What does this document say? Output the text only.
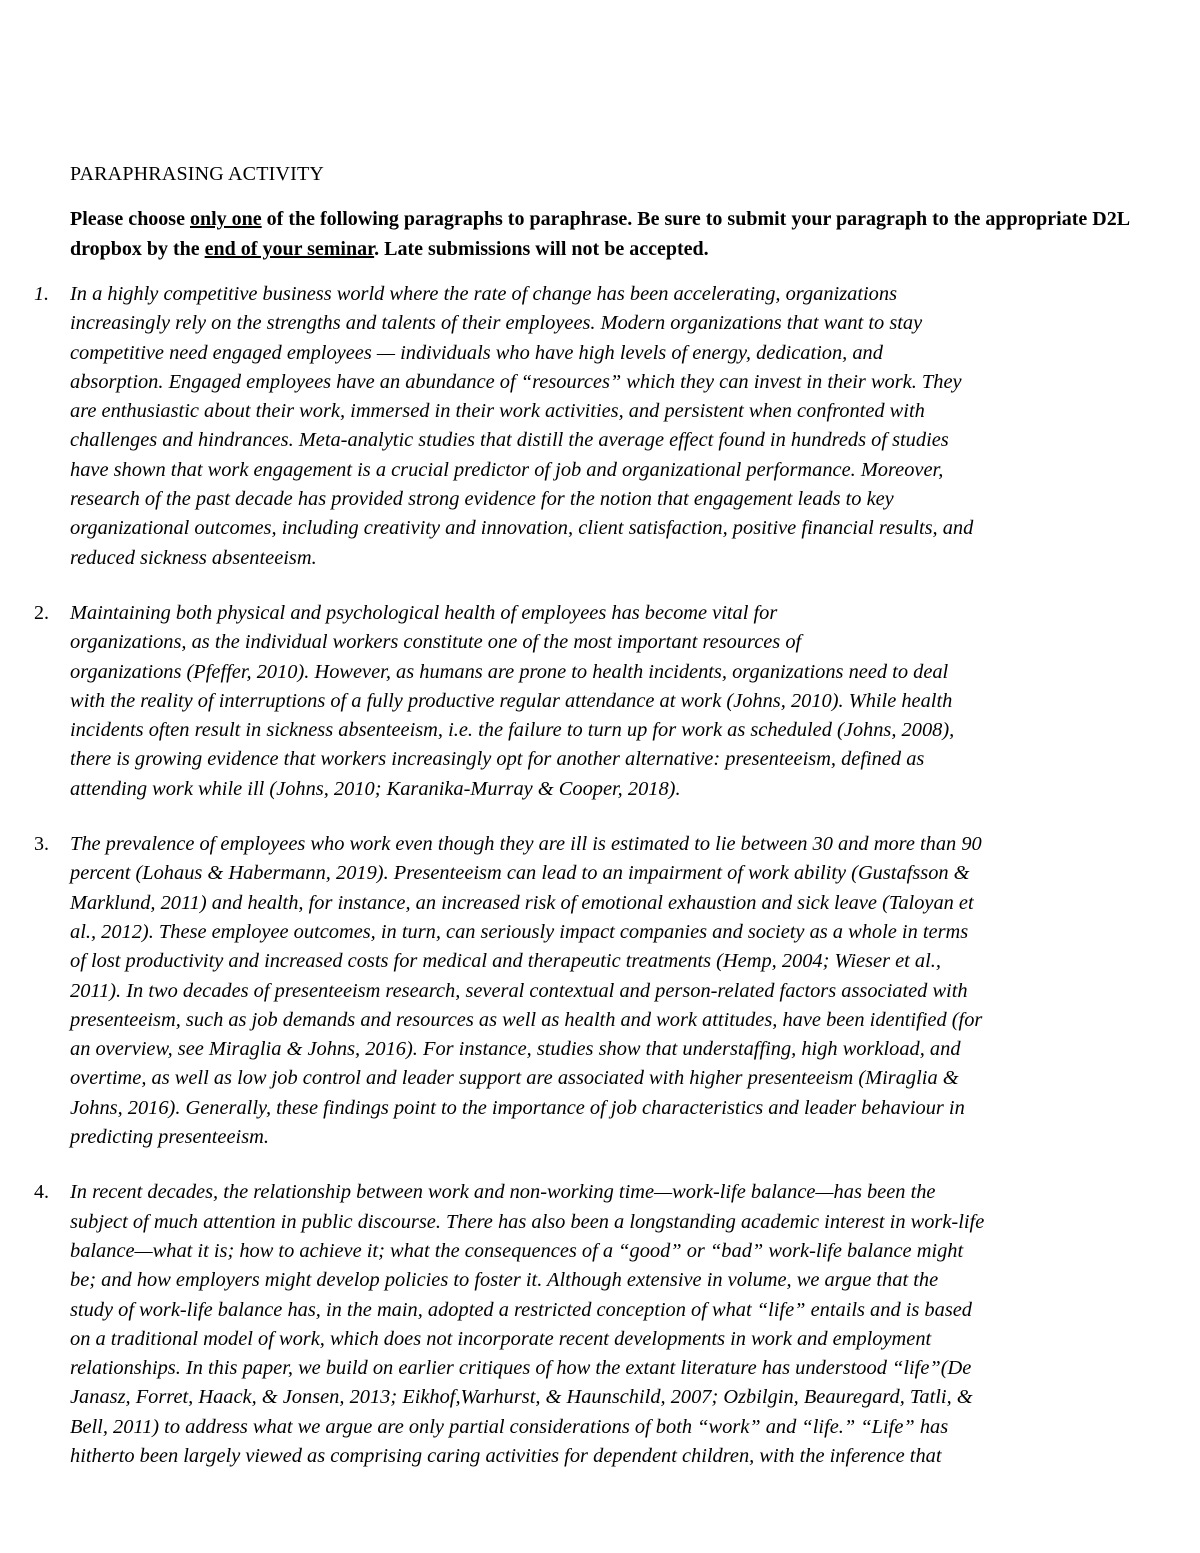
PARAPHRASING ACTIVITY
Please choose only one of the following paragraphs to paraphrase. Be sure to submit your paragraph to the appropriate D2L dropbox by the end of your seminar. Late submissions will not be accepted.
1.	In a highly competitive business world where the rate of change has been accelerating, organizations
increasingly rely on the strengths and talents of their employees. Modern organizations that want to stay
competitive need engaged employees — individuals who have high levels of energy, dedication, and
absorption. Engaged employees have an abundance of “resources” which they can invest in their work. They
are enthusiastic about their work, immersed in their work activities, and persistent when confronted with
challenges and hindrances. Meta-analytic studies that distill the average effect found in hundreds of studies
have shown that work engagement is a crucial predictor of job and organizational performance. Moreover,
research of the past decade has provided strong evidence for the notion that engagement leads to key
organizational outcomes, including creativity and innovation, client satisfaction, positive financial results, and
reduced sickness absenteeism.
2.	Maintaining both physical and psychological health of employees has become vital for
organizations, as the individual workers constitute one of the most important resources of
organizations (Pfeffer, 2010). However, as humans are prone to health incidents, organizations need to deal
with the reality of interruptions of a fully productive regular attendance at work (Johns, 2010). While health
incidents often result in sickness absenteeism, i.e. the failure to turn up for work as scheduled (Johns, 2008),
there is growing evidence that workers increasingly opt for another alternative: presenteeism, defined as
attending work while ill (Johns, 2010; Karanika-Murray & Cooper, 2018).
3.	The prevalence of employees who work even though they are ill is estimated to lie between 30 and more than 90
percent (Lohaus & Habermann, 2019). Presenteeism can lead to an impairment of work ability (Gustafsson &
Marklund, 2011) and health, for instance, an increased risk of emotional exhaustion and sick leave (Taloyan et
al., 2012). These employee outcomes, in turn, can seriously impact companies and society as a whole in terms
of lost productivity and increased costs for medical and therapeutic treatments (Hemp, 2004; Wieser et al.,
2011). In two decades of presenteeism research, several contextual and person-related factors associated with
presenteeism, such as job demands and resources as well as health and work attitudes, have been identified (for
an overview, see Miraglia & Johns, 2016). For instance, studies show that understaffing, high workload, and
overtime, as well as low job control and leader support are associated with higher presenteeism (Miraglia &
Johns, 2016). Generally, these findings point to the importance of job characteristics and leader behaviour in
predicting presenteeism.
4.	In recent decades, the relationship between work and non-working time—work-life balance—has been the
subject of much attention in public discourse. There has also been a longstanding academic interest in work-life
balance—what it is; how to achieve it; what the consequences of a “good” or “bad” work-life balance might
be; and how employers might develop policies to foster it. Although extensive in volume, we argue that the
study of work-life balance has, in the main, adopted a restricted conception of what “life” entails and is based
on a traditional model of work, which does not incorporate recent developments in work and employment
relationships. In this paper, we build on earlier critiques of how the extant literature has understood “life”(De
Janasz, Forret, Haack, & Jonsen, 2013; Eikhof,Warhurst, & Haunschild, 2007; Ozbilgin, Beauregard, Tatli, &
Bell, 2011) to address what we argue are only partial considerations of both “work” and “life.” “Life” has
hitherto been largely viewed as comprising caring activities for dependent children, with the inference that
